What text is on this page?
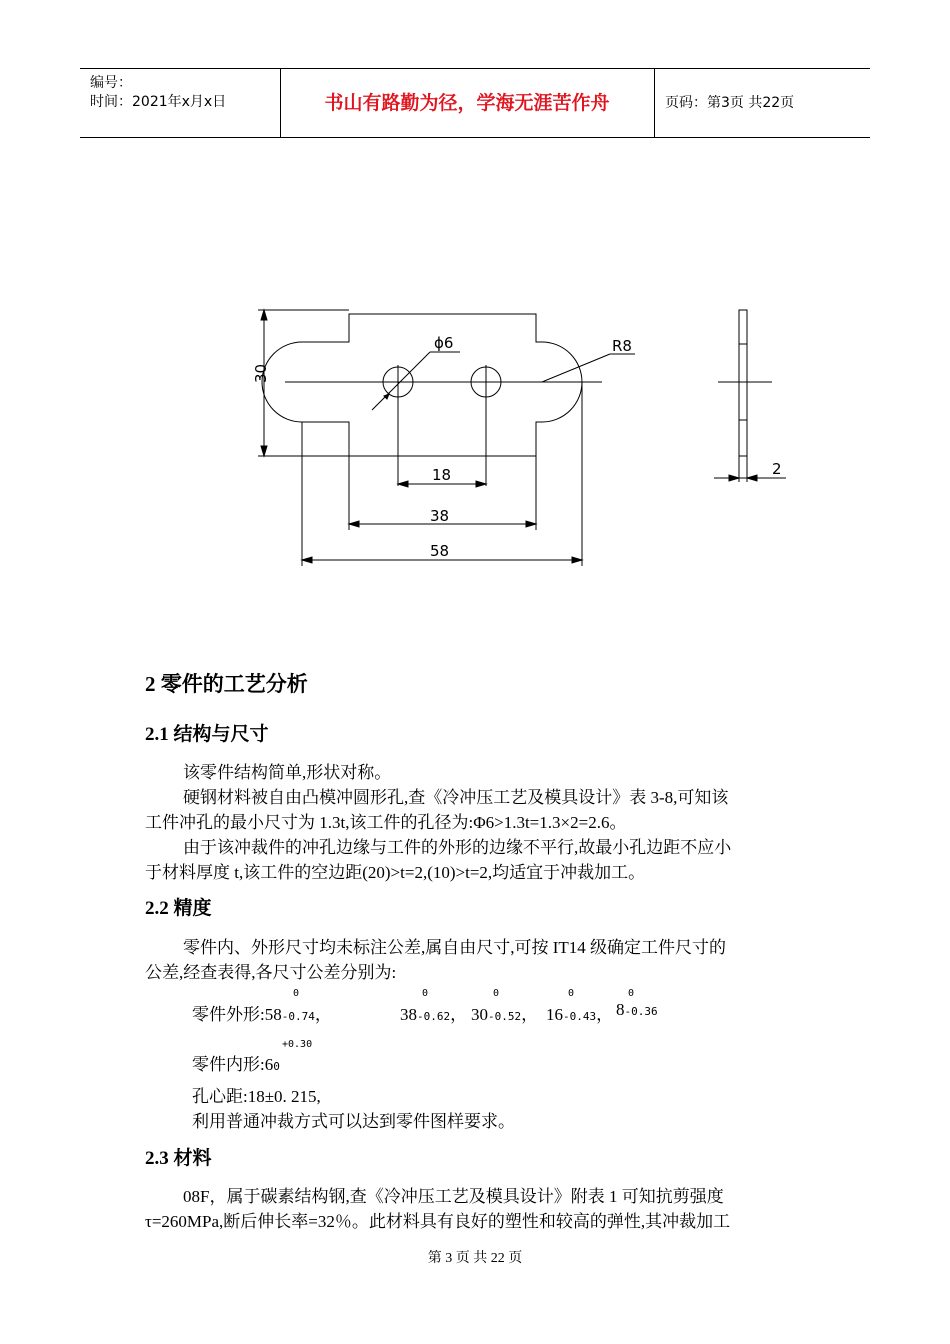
编号：
时间：2021年x月x日	书山有路勤为径，学海无涯苦作舟	页码：第3页 共22页
ϕ6	R8
30
18
38
58
2
2 零件的工艺分析
2.1 结构与尺寸
该零件结构简单,形状对称。
硬钢材料被自由凸模冲圆形孔,查《冷冲压工艺及模具设计》表 3-8,可知该
工件冲孔的最小尺寸为 1.3t,该工件的孔径为:Φ6>1.3t=1.3×2=2.6。
由于该冲裁件的冲孔边缘与工件的外形的边缘不平行,故最小孔边距不应小
于材料厚度 t,该工件的空边距(20)>t=2,(10)>t=2,均适宜于冲裁加工。
2.2 精度
零件内、外形尺寸均未标注公差,属自由尺寸,可按 IT14 级确定工件尺寸的
公差,经查表得,各尺寸公差分别为:
零件外形:58-0.74，
0
38-0.62，
0
30-0.52，
0
16-0.43，
0
8-0.36
0
零件内形:60
+0.30
孔心距:18±0. 215,
利用普通冲裁方式可以达到零件图样要求。
2.3 材料
08F，属于碳素结构钢,查《冷冲压工艺及模具设计》附表 1 可知抗剪强度
τ=260MPa,断后伸长率=32％。此材料具有良好的塑性和较高的弹性,其冲裁加工
第 3 页 共 22 页
